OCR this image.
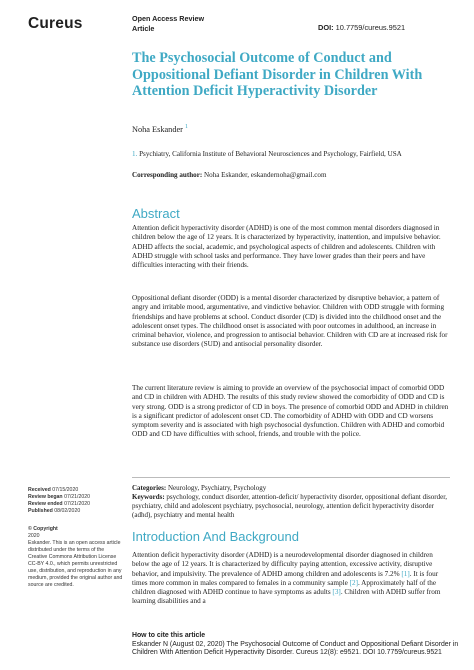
Cureus	Open Access Review
Article	DOI: 10.7759/cureus.9521
The Psychosocial Outcome of Conduct and Oppositional Defiant Disorder in Children With Attention Deficit Hyperactivity Disorder
Noha Eskander $^1$
1. Psychiatry, California Institute of Behavioral Neurosciences and Psychology, Fairfield, USA
Corresponding author: Noha Eskander, eskandernoha@gmail.com
Abstract
Attention deficit hyperactivity disorder (ADHD) is one of the most common mental disorders diagnosed in children below the age of 12 years. It is characterized by hyperactivity, inattention, and impulsive behavior. ADHD affects the social, academic, and psychological aspects of children and adolescents. Children with ADHD struggle with school tasks and performance. They have lower grades than their peers and have difficulties interacting with their friends.
Oppositional defiant disorder (ODD) is a mental disorder characterized by disruptive behavior, a pattern of angry and irritable mood, argumentative, and vindictive behavior. Children with ODD struggle with forming friendships and have problems at school. Conduct disorder (CD) is divided into the childhood onset and the adolescent onset types. The childhood onset is associated with poor outcomes in adulthood, an increase in criminal behavior, violence, and progression to antisocial behavior. Children with CD are at increased risk for substance use disorders (SUD) and antisocial personality disorder.
The current literature review is aiming to provide an overview of the psychosocial impact of comorbid ODD and CD in children with ADHD. The results of this study review showed the comorbidity of ODD and CD is very strong. ODD is a strong predictor of CD in boys. The presence of comorbid ODD and ADHD in children is a significant predictor of adolescent onset CD. The comorbidity of ADHD with ODD and CD worsens symptom severity and is associated with high psychosocial dysfunction. Children with ADHD and comorbid ODD and CD have difficulties with school, friends, and trouble with the police.
Categories: Neurology, Psychiatry, Psychology
Keywords: psychology, conduct disorder, attention-deficit/ hyperactivity disorder, oppositional defiant disorder, psychiatry, child and adolescent psychiatry, psychosocial, neurology, attention deficit hyperactivity disorder (adhd), psychiatry and mental health
Received 07/15/2020
Review began 07/21/2020
Review ended 07/21/2020
Published 08/02/2020
© Copyright
2020
Eskander. This is an open access article distributed under the terms of the Creative Commons Attribution License CC-BY 4.0., which permits unrestricted use, distribution, and reproduction in any medium, provided the original author and source are credited.
Introduction And Background
Attention deficit hyperactivity disorder (ADHD) is a neurodevelopmental disorder diagnosed in children below the age of 12 years. It is characterized by difficulty paying attention, excessive activity, disruptive behavior, and impulsivity. The prevalence of ADHD among children and adolescents is 7.2% [1]. It is four times more common in males compared to females in a community sample [2]. Approximately half of the children diagnosed with ADHD continue to have symptoms as adults [3]. Children with ADHD suffer from learning disabilities and a
How to cite this article
Eskander N (August 02, 2020) The Psychosocial Outcome of Conduct and Oppositional Defiant Disorder in Children With Attention Deficit Hyperactivity Disorder. Cureus 12(8): e9521. DOI 10.7759/cureus.9521
